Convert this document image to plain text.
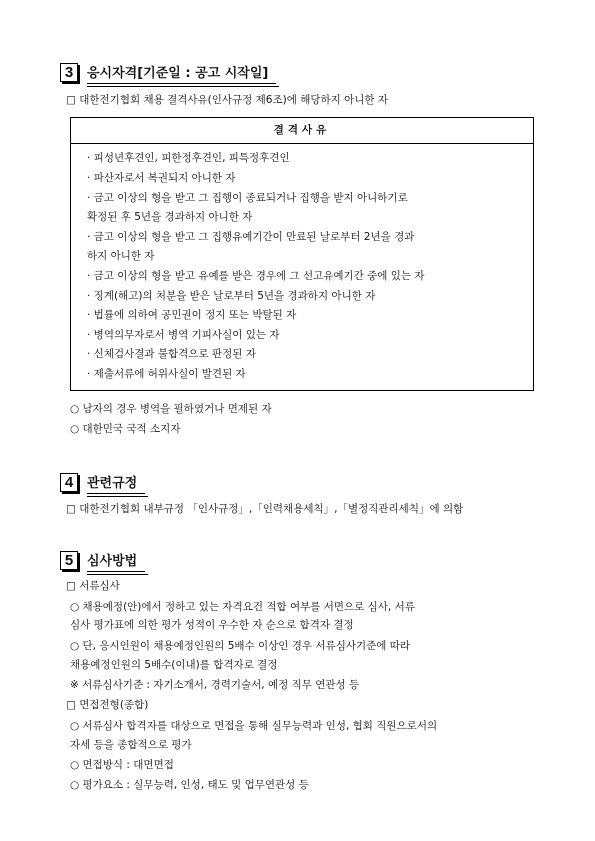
3	응시자격[기준일 : 공고 시작일]
□ 대한전기협회 채용 결격사유(인사규정 제6조)에 해당하지 아니한 자
결격사유
· 피성년후견인, 피한정후견인, 피특정후견인
· 파산자로서 복권되지 아니한 자
· 금고 이상의 형을 받고 그 집행이 종료되거나 집행을 받지 아니하기로
확정된 후 5년을 경과하지 아니한 자
· 금고 이상의 형을 받고 그 집행유예기간이 만료된 날로부터 2년을 경과
하지 아니한 자
· 금고 이상의 형을 받고 유예를 받은 경우에 그 선고유예기간 중에 있는 자
· 징계(해고)의 처분을 받은 날로부터 5년을 경과하지 아니한 자
· 법률에 의하여 공민권이 정지 또는 박탈된 자
· 병역의무자로서 병역 기피사실이 있는 자
· 신체검사결과 불합격으로 판정된 자
· 제출서류에 허위사실이 발견된 자
○ 남자의 경우 병역을 필하였거나 면제된 자
○ 대한민국 국적 소지자
4	관련규정
□ 대한전기협회 내부규정 「인사규정」,「인력채용세칙」,「별정직관리세칙」에 의함
5	심사방법
□ 서류심사
○ 채용예정(안)에서 정하고 있는 자격요건 적합 여부를 서면으로 심사, 서류
심사 평가표에 의한 평가 성적이 우수한 자 순으로 합격자 결정
○ 단, 응시인원이 채용예정인원의 5배수 이상인 경우 서류심사기준에 따라
채용예정인원의 5배수(이내)를 합격자로 결정
※ 서류심사기준 : 자기소개서, 경력기술서, 예정 직무 연관성 등
□ 면접전형(종합)
○ 서류심사 합격자를 대상으로 면접을 통해 실무능력과 인성, 협회 직원으로서의
자세 등을 종합적으로 평가
○ 면접방식 : 대면면접
○ 평가요소 : 실무능력, 인성, 태도 및 업무연관성 등
